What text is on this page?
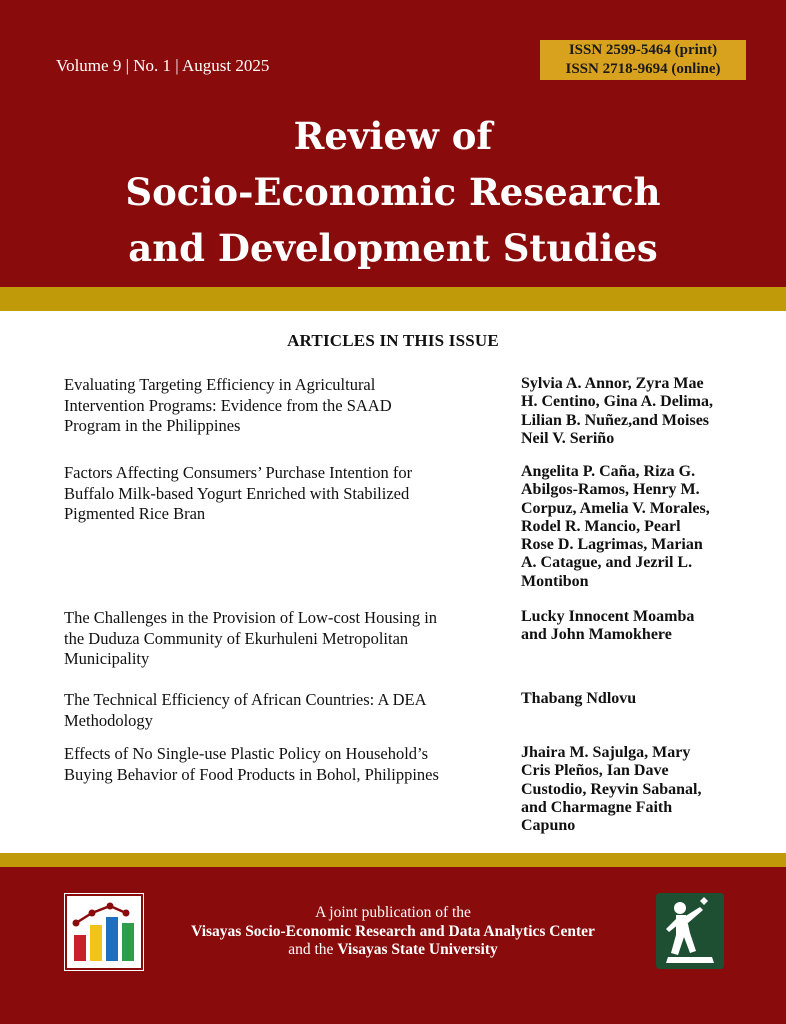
Volume 9 | No. 1 | August 2025
ISSN 2599-5464 (print)
ISSN 2718-9694 (online)
Review of
Socio-Economic Research
and Development Studies
ARTICLES IN THIS ISSUE
Evaluating Targeting Efficiency in Agricultural
Intervention Programs: Evidence from the SAAD
Program in the Philippines
Sylvia A. Annor, Zyra Mae
H. Centino, Gina A. Delima,
Lilian B. Nuñez,and Moises
Neil V. Seriño
Factors Affecting Consumers’ Purchase Intention for
Buffalo Milk-based Yogurt Enriched with Stabilized
Pigmented Rice Bran
Angelita P. Caña, Riza G.
Abilgos-Ramos, Henry M.
Corpuz, Amelia V. Morales,
Rodel R. Mancio, Pearl
Rose D. Lagrimas, Marian
A. Catague, and Jezril L.
Montibon
The Challenges in the Provision of Low-cost Housing in
the Duduza Community of Ekurhuleni Metropolitan
Municipality
Lucky Innocent Moamba
and John Mamokhere
The Technical Efficiency of African Countries: A DEA
Methodology
Thabang Ndlovu
Effects of No Single-use Plastic Policy on Household’s
Buying Behavior of Food Products in Bohol, Philippines
Jhaira M. Sajulga, Mary
Cris Pleños, Ian Dave
Custodio, Reyvin Sabanal,
and Charmagne Faith
Capuno
A joint publication of the
Visayas Socio-Economic Research and Data Analytics Center
and the Visayas State University
